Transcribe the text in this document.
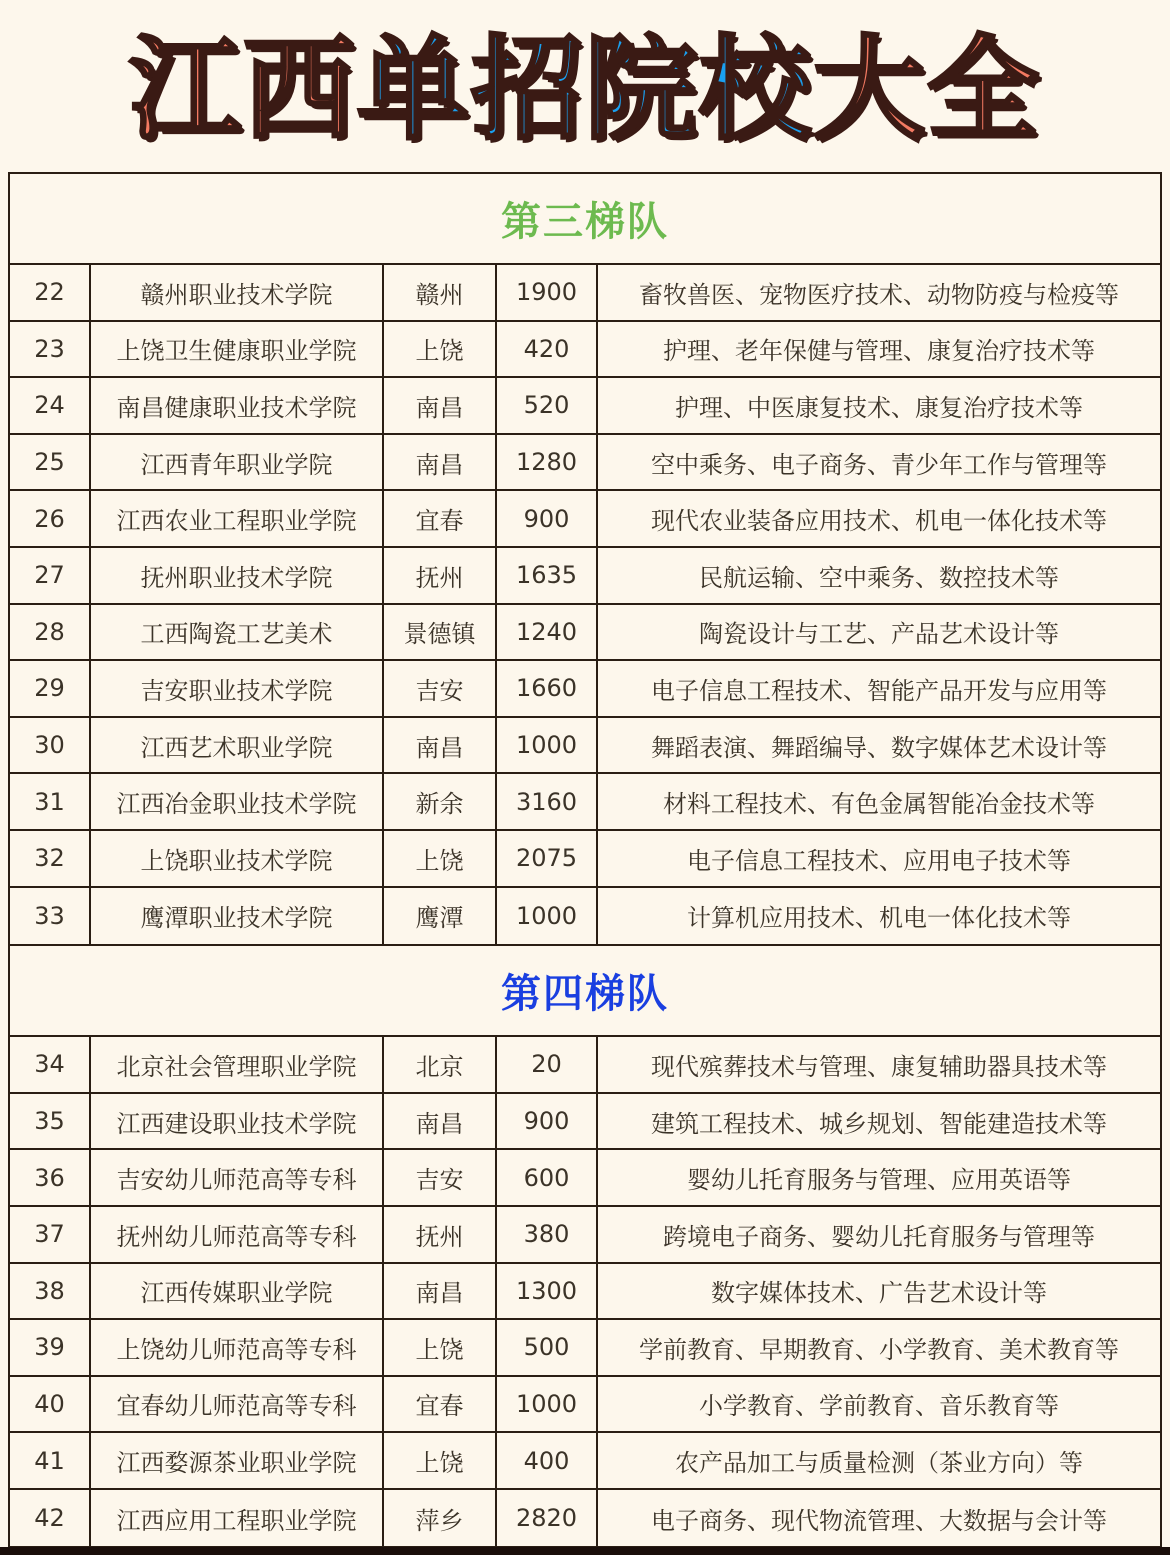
江西 单招院校 大全
第三梯队
22	赣州职业技术学院	赣州	1900	畜牧兽医、宠物医疗技术、动物防疫与检疫等
23	上饶卫生健康职业学院	上饶	420	护理、老年保健与管理、康复治疗技术等
24	南昌健康职业技术学院	南昌	520	护理、中医康复技术、康复治疗技术等
25	江西青年职业学院	南昌	1280	空中乘务、电子商务、青少年工作与管理等
26	江西农业工程职业学院	宜春	900	现代农业装备应用技术、机电一体化技术等
27	抚州职业技术学院	抚州	1635	民航运输、空中乘务、数控技术等
28	工西陶瓷工艺美术	景德镇	1240	陶瓷设计与工艺、产品艺术设计等
29	吉安职业技术学院	吉安	1660	电子信息工程技术、智能产品开发与应用等
30	江西艺术职业学院	南昌	1000	舞蹈表演、舞蹈编导、数字媒体艺术设计等
31	江西冶金职业技术学院	新余	3160	材料工程技术、有色金属智能冶金技术等
32	上饶职业技术学院	上饶	2075	电子信息工程技术、应用电子技术等
33	鹰潭职业技术学院	鹰潭	1000	计算机应用技术、机电一体化技术等
第四梯队
34	北京社会管理职业学院	北京	20	现代殡葬技术与管理、康复辅助器具技术等
35	江西建设职业技术学院	南昌	900	建筑工程技术、城乡规划、智能建造技术等
36	吉安幼儿师范高等专科	吉安	600	婴幼儿托育服务与管理、应用英语等
37	抚州幼儿师范高等专科	抚州	380	跨境电子商务、婴幼儿托育服务与管理等
38	江西传媒职业学院	南昌	1300	数字媒体技术、广告艺术设计等
39	上饶幼儿师范高等专科	上饶	500	学前教育、早期教育、小学教育、美术教育等
40	宜春幼儿师范高等专科	宜春	1000	小学教育、学前教育、音乐教育等
41	江西婺源茶业职业学院	上饶	400	农产品加工与质量检测（茶业方向）等
42	江西应用工程职业学院	萍乡	2820	电子商务、现代物流管理、大数据与会计等
